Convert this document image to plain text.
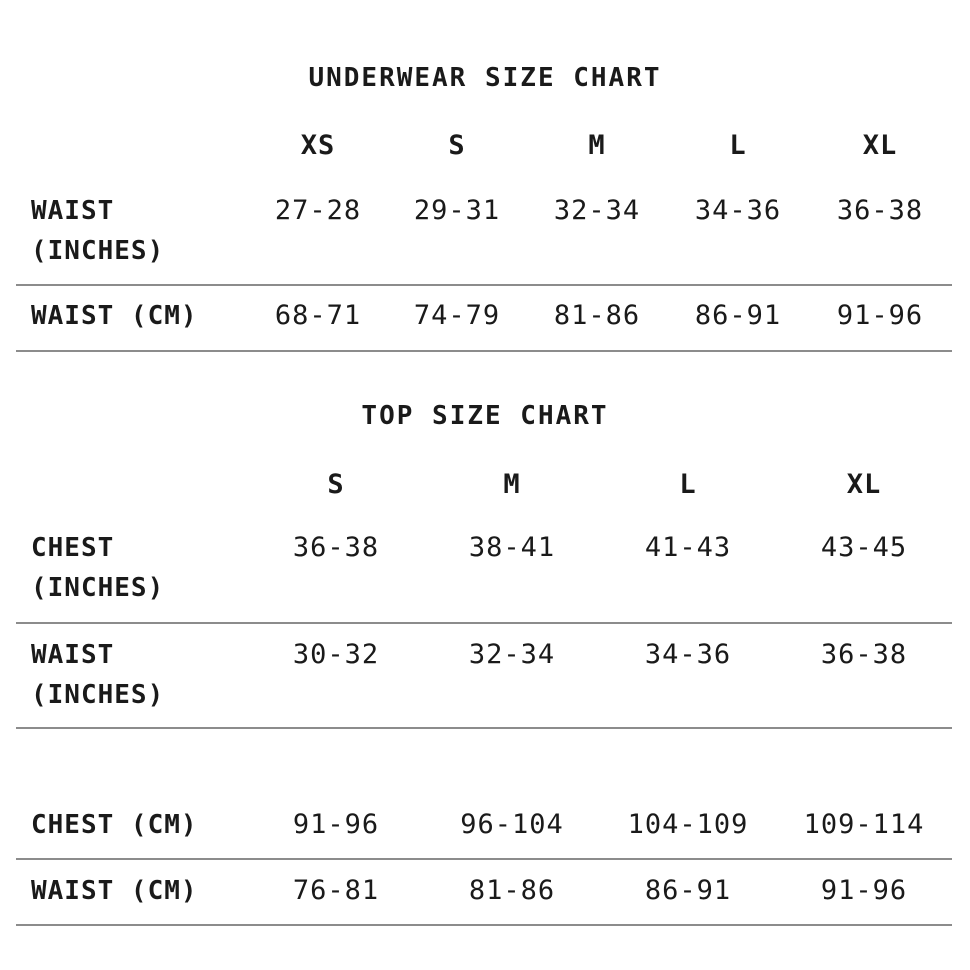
UNDERWEAR SIZE CHART
XS	S	M	L	XL
WAIST
(INCHES)
27-28 29-31 32-34 34-36 36-38
WAIST (CM)	68-71 74-79 81-86 86-91 91-96
TOP SIZE CHART
S	M	L	XL
CHEST
(INCHES)
36-38	38-41	41-43	43-45
WAIST
(INCHES)
30-32	32-34	34-36	36-38
CHEST (CM)	91-96	96-104 104-109 109-114
WAIST (CM)	76-81	81-86	86-91	91-96
